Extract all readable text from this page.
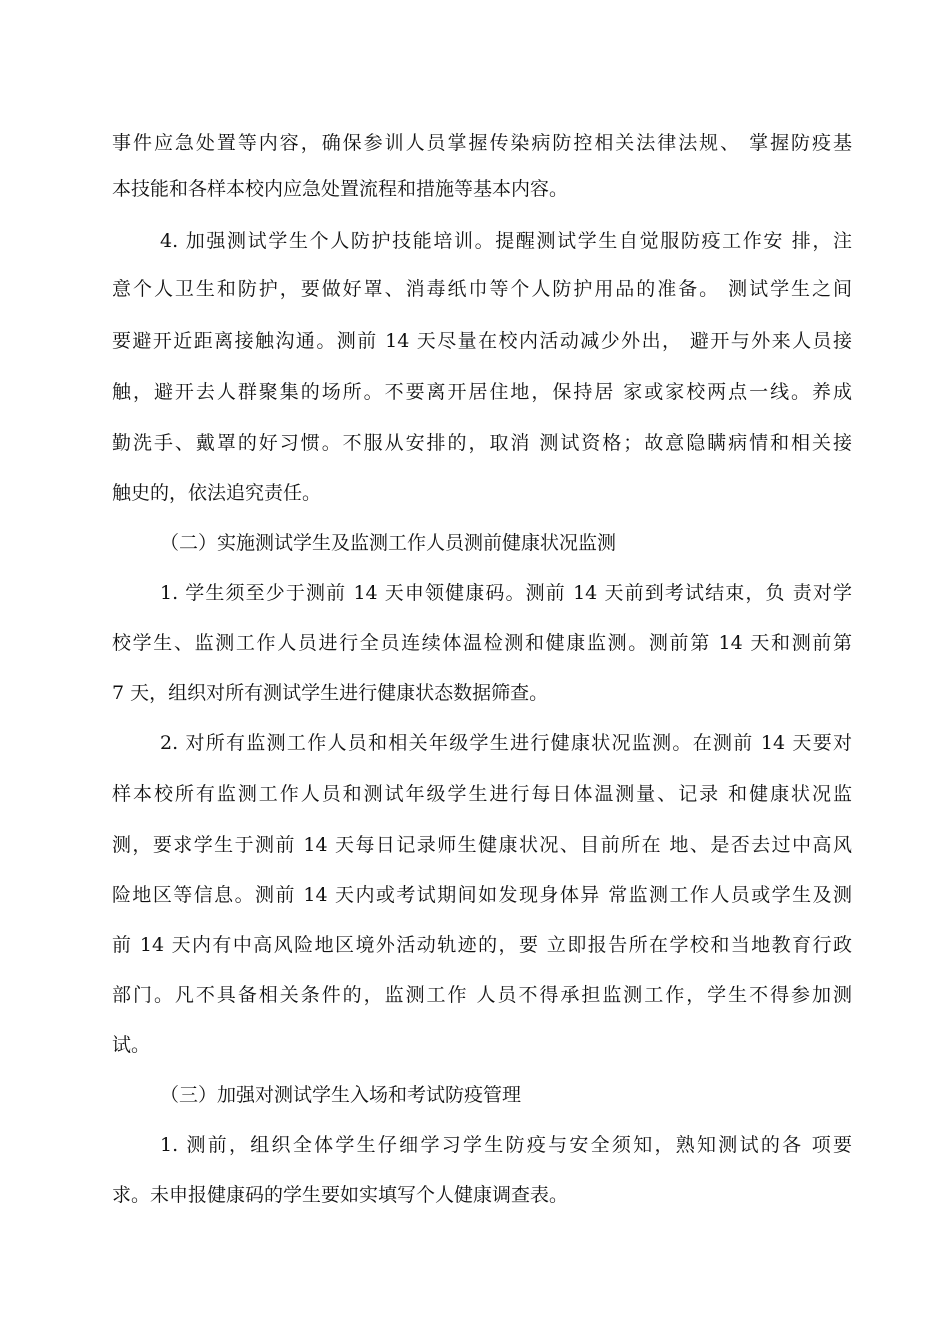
事件应急处置等内容，确保参训人员掌握传染病防控相关法律法规、 掌握防疫基
本技能和各样本校内应急处置流程和措施等基本内容。
4. 加强测试学生个人防护技能培训。提醒测试学生自觉服防疫工作安 排，注
意个人卫生和防护，要做好罩、消毒纸巾等个人防护用品的准备。 测试学生之间
要避开近距离接触沟通。测前 14 天尽量在校内活动减少外出， 避开与外来人员接
触，避开去人群聚集的场所。不要离开居住地，保持居 家或家校两点一线。养成
勤洗手、戴罩的好习惯。不服从安排的，取消 测试资格；故意隐瞒病情和相关接
触史的，依法追究责任。
（二）实施测试学生及监测工作人员测前健康状况监测
1. 学生须至少于测前 14 天申领健康码。测前 14 天前到考试结束，负 责对学
校学生、监测工作人员进行全员连续体温检测和健康监测。测前第 14 天和测前第
7 天，组织对所有测试学生进行健康状态数据筛查。
2. 对所有监测工作人员和相关年级学生进行健康状况监测。在测前 14 天要对
样本校所有监测工作人员和测试年级学生进行每日体温测量、记录 和健康状况监
测，要求学生于测前 14 天每日记录师生健康状况、目前所在 地、是否去过中高风
险地区等信息。测前 14 天内或考试期间如发现身体异 常监测工作人员或学生及测
前 14 天内有中高风险地区境外活动轨迹的，要 立即报告所在学校和当地教育行政
部门。凡不具备相关条件的，监测工作 人员不得承担监测工作，学生不得参加测
试。
（三）加强对测试学生入场和考试防疫管理
1. 测前，组织全体学生仔细学习学生防疫与安全须知，熟知测试的各 项要
求。未申报健康码的学生要如实填写个人健康调查表。
